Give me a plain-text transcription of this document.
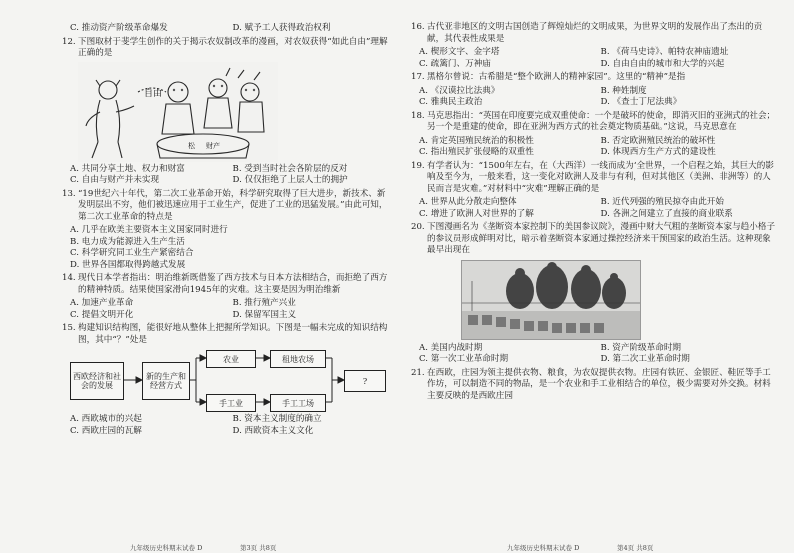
C. 推动资产阶级革命爆发	D. 赋予工人获得政治权利
12. 下图取材于斐学生创作的关于揭示农奴制改革的漫画，对农奴获得“如此自由”理解正确的是

自由
松 财产
A. 共同分享土地、权力和财富	B. 受到当时社会各阶层的反对
C. 自由与财产并未实现	D. 仅仅拒绝了上层人士的拥护
13. “19世纪六十年代，第二次工业革命开始，科学研究取得了巨大进步，新技术、新发明层出不穷，他们被迅速应用于工业生产，促进了工业的迅猛发展。”由此可知，第二次工业革命的特点是

A. 几乎在欧美主要资本主义国家同时进行
B. 电力成为能源进入生产生活
C. 科学研究同工业生产紧密结合
D. 世界各国都取得跨越式发展
14. 现代日本学者指出：明治维新既借鉴了西方技术与日本方法相结合，而拒绝了西方的精神特质。结果使国家滑向1945年的灾难。这主要是因为明治维新

A. 加速产业革命	B. 推行殖产兴业
C. 提倡文明开化	D. 保留军国主义
15. 构建知识结构图，能很好地从整体上把握所学知识。下图是一幅未完成的知识结构图，其中“？”处是

西欧经济和社会的发展
新的生产和经营方式
农业
手工业
租地农场
手工工场
?
A. 西欧城市的兴起	B. 资本主义制度的确立
C. 西欧庄园的瓦解	D. 西欧资本主义文化
九年级历史科期末试卷 D	第3页 共8页
16. 古代亚非地区的文明古国创造了辉煌灿烂的文明成果，为世界文明的发展作出了杰出的贡献，其代表性成果是

A. 楔形文字、金字塔	B. 《荷马史诗》、帕特农神庙遗址
C. 疏篱门、万神庙	D. 自由自由的城市和大学的兴起
17. 黑格尔曾说：古希腊是“整个欧洲人的精神家园”。这里的“精神”是指

A. 《汉谟拉比法典》	B. 种姓制度
C. 雅典民主政治	D. 《查士丁尼法典》
18. 马克思指出：“英国在印度要完成双重使命：一个是破坏的使命，即消灭旧的亚洲式的社会；另一个是重建的使命，即在亚洲为西方式的社会奠定物质基础。”这说，马克思意在

A. 肯定英国殖民统治的积极性	B. 否定欧洲殖民统治的破坏性
C. 指出殖民扩张侵略的双重性	D. 体现西方生产方式的建设性
19. 有学者认为：“1500年左右，在（大西洋）一线而成为‘全世界，一个启程之始，其巨大的影响及至今为，一般来看，这一变化对欧洲人及非与有利，但对其他区（美洲、非洲等）的人民而言是灾难。”对材料中“灾难”理解正确的是

A. 世界从此分散走向整体	B. 近代列强的殖民掠夺由此开始
C. 增进了欧洲人对世界的了解	D. 各洲之间建立了直接的商业联系
20. 下图漫画名为《垄断资本家控制下的美国参议院》，漫画中财大气粗的垄断资本家与趋小格子的参议员形成鲜明对比，暗示着垄断资本家通过操控经济来干预国家的政治生活。这种现象最早出现在

A. 美国内战时期	B. 资产阶级革命时期
C. 第一次工业革命时期	D. 第二次工业革命时期
21. 在西欧，庄园为领主提供衣物、粮食，为农奴提供衣物。庄园有铁匠、金银匠、鞋匠等手工作坊，可以制造不同的物品，是一个农业和手工业相结合的单位，极少需要对外交换。材料主要反映的是西欧庄园

九年级历史科期末试卷 D	第4页 共8页
